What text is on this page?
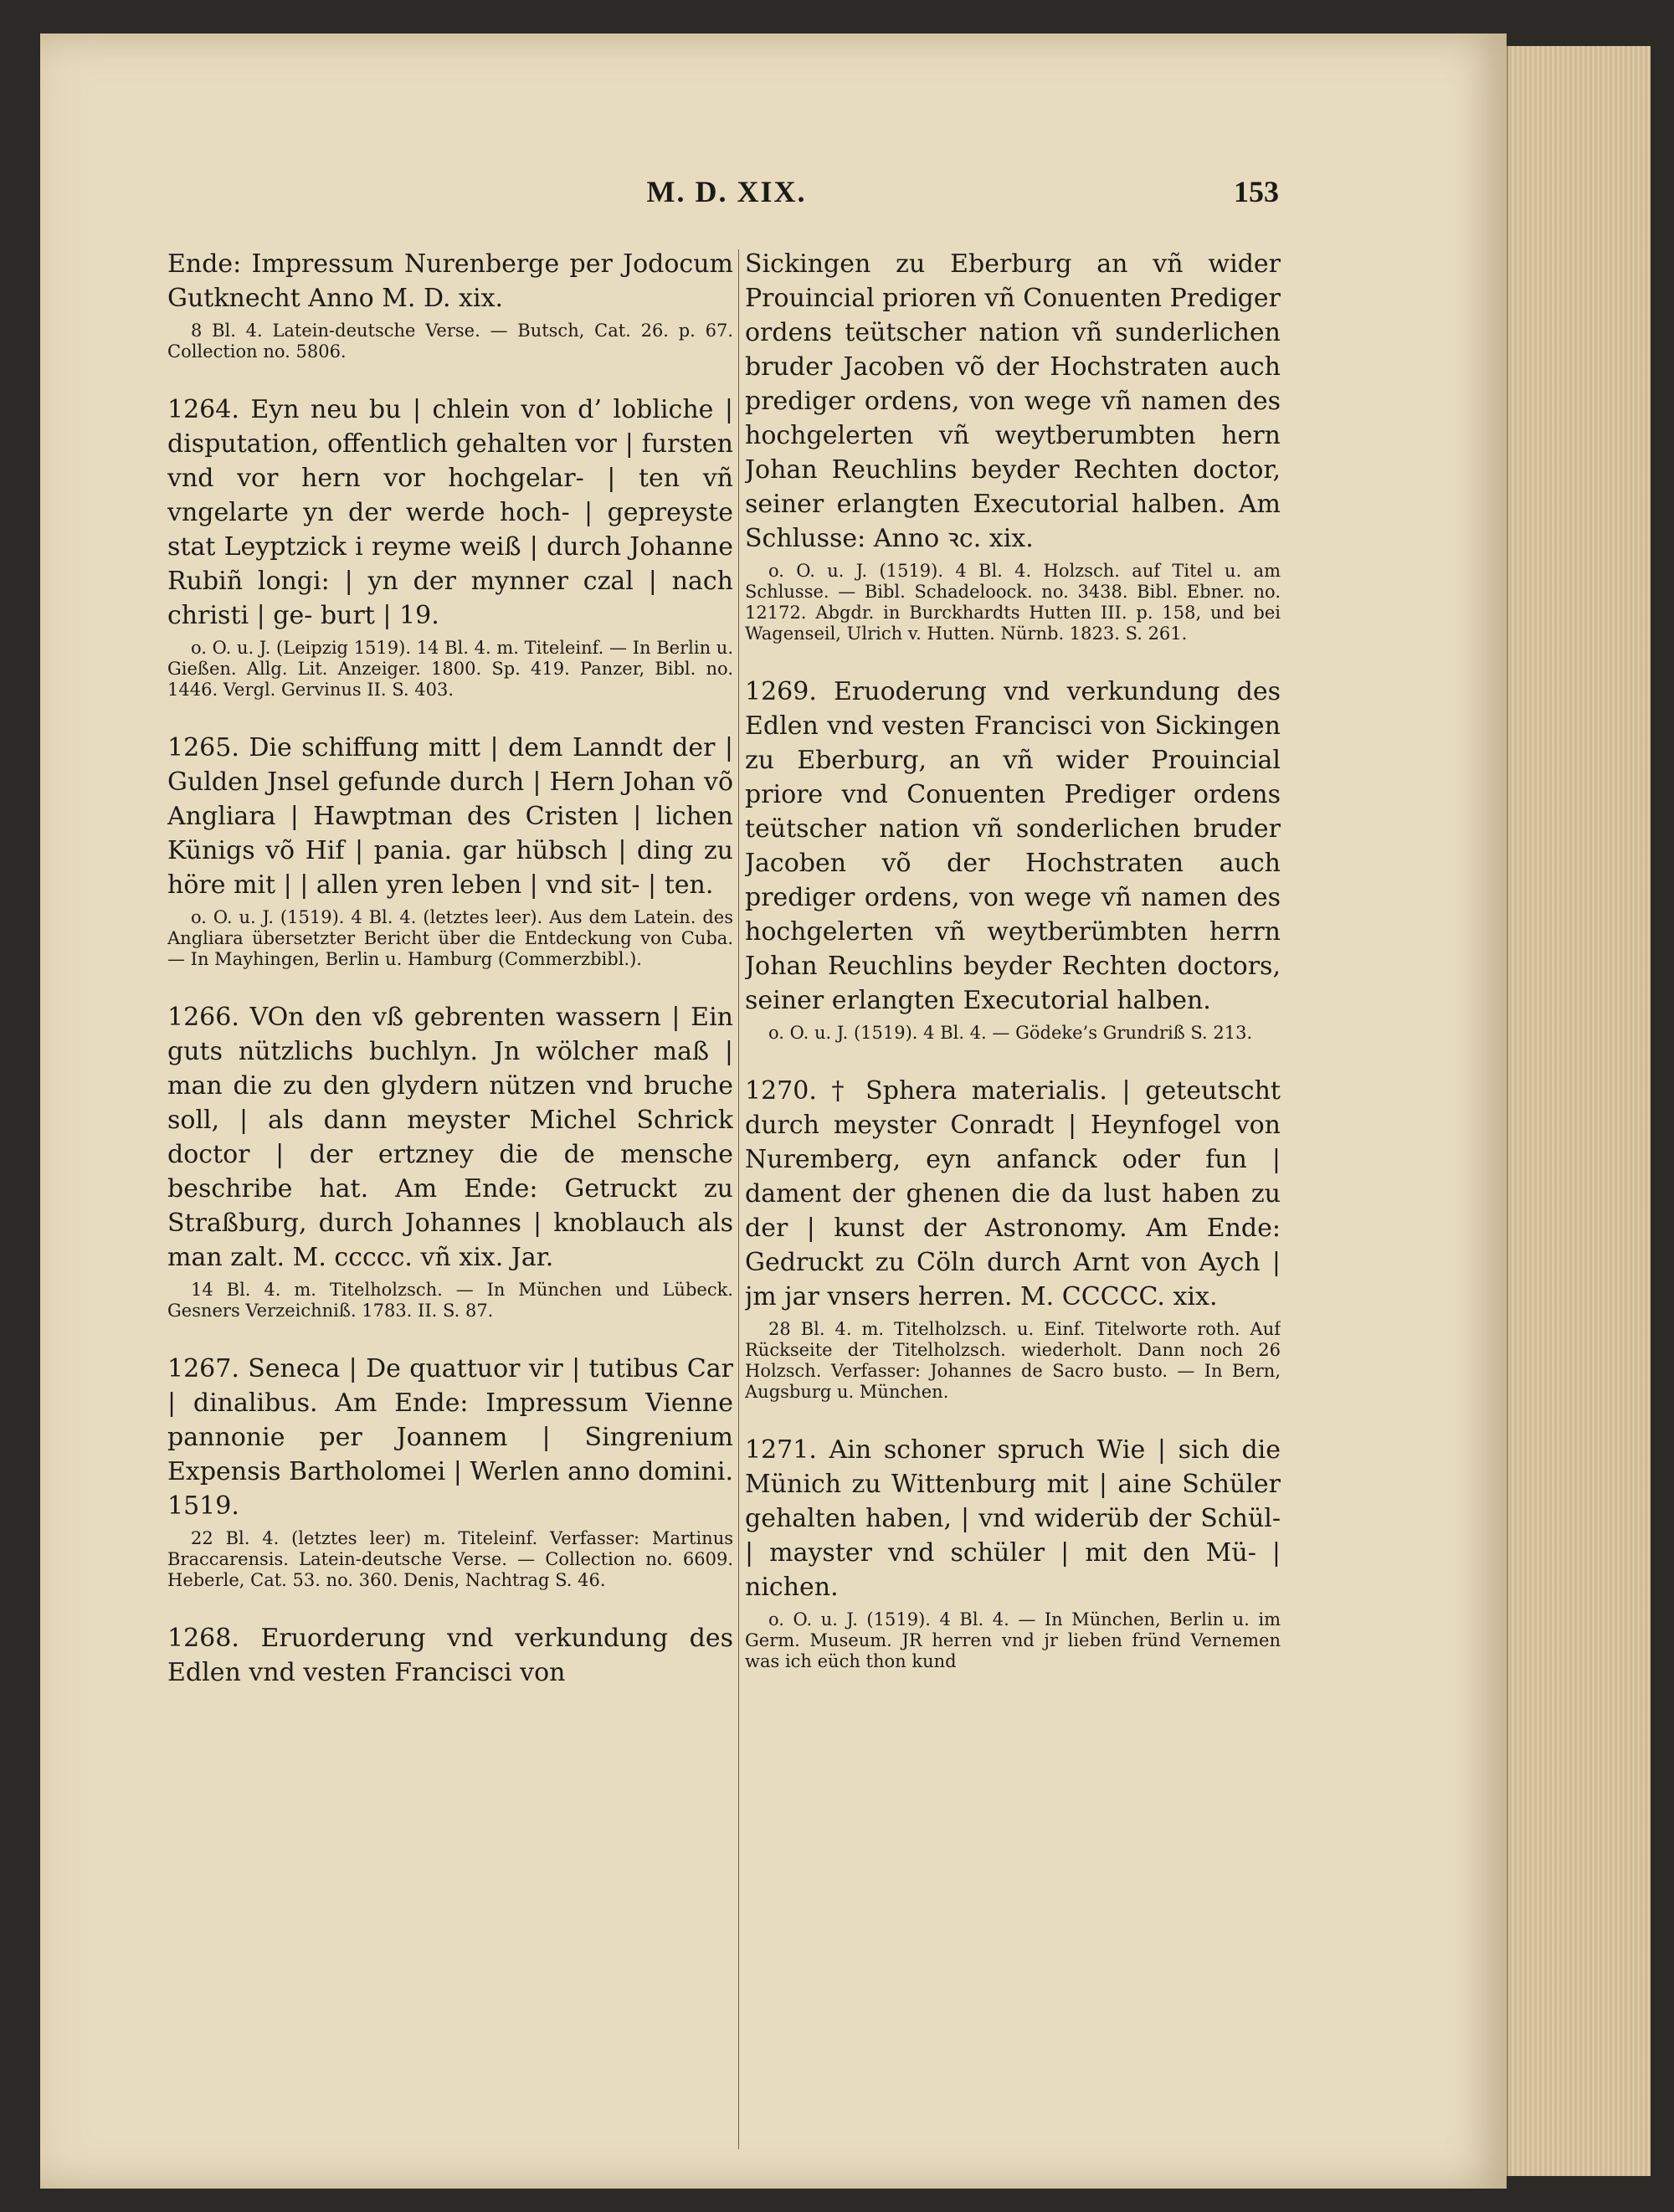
M. D. XIX.	153

Ende: Impressum Nurenberge per Jodocum Gutknecht Anno M. D. xix.

8 Bl. 4. Latein-deutsche Verse. — Butsch, Cat. 26. p. 67. Collection no. 5806.

1264. Eyn neu bu | chlein von d’ lobliche | disputation, offentlich gehalten vor | fursten vnd vor hern vor hochgelar- | ten vñ vngelarte yn der werde hoch- | gepreyste stat Leyptzick i reyme weiß | durch Johanne Rubiñ longi: | yn der mynner czal | nach christi | ge- burt | 19.

o. O. u. J. (Leipzig 1519). 14 Bl. 4. m. Titeleinf. — In Berlin u. Gießen. Allg. Lit. Anzeiger. 1800. Sp. 419. Panzer, Bibl. no. 1446. Vergl. Gervinus II. S. 403.

1265. Die schiffung mitt | dem Lanndt der | Gulden Jnsel gefunde durch | Hern Johan võ Angliara | Hawptman des Cristen | lichen Künigs võ Hif | pania. gar hübsch | ding zu höre mit | | allen yren leben | vnd sit- | ten.

o. O. u. J. (1519). 4 Bl. 4. (letztes leer). Aus dem Latein. des Angliara übersetzter Bericht über die Entdeckung von Cuba. — In Mayhingen, Berlin u. Hamburg (Commerzbibl.).

1266. VOn den vß gebrenten wassern | Ein guts nützlichs buchlyn. Jn wölcher maß | man die zu den glydern nützen vnd bruche soll, | als dann meyster Michel Schrick doctor | der ertzney die de mensche beschribe hat. Am Ende: Getruckt zu Straßburg, durch Johannes | knoblauch als man zalt. M. ccccc. vñ xix. Jar.

14 Bl. 4. m. Titelholzsch. — In München und Lübeck. Gesners Verzeichniß. 1783. II. S. 87.

1267. Seneca | De quattuor vir | tutibus Car | dinalibus. Am Ende: Impressum Vienne pannonie per Joannem | Singrenium Expensis Bartholomei | Werlen anno domini. 1519.

22 Bl. 4. (letztes leer) m. Titeleinf. Verfasser: Martinus Braccarensis. Latein-deutsche Verse. — Collection no. 6609. Heberle, Cat. 53. no. 360. Denis, Nachtrag S. 46.

1268. Eruorderung vnd verkundung des Edlen vnd vesten Francisci von

Sickingen zu Eberburg an vñ wider Prouincial prioren vñ Conuenten Prediger ordens teütscher nation vñ sunderlichen bruder Jacoben võ der Hochstraten auch prediger ordens, von wege vñ namen des hochgelerten vñ weytberumbten hern Johan Reuchlins beyder Rechten doctor, seiner erlangten Executorial halben. Am Schlusse: Anno ꝛc. xix.

o. O. u. J. (1519). 4 Bl. 4. Holzsch. auf Titel u. am Schlusse. — Bibl. Schadeloock. no. 3438. Bibl. Ebner. no. 12172. Abgdr. in Burckhardts Hutten III. p. 158, und bei Wagenseil, Ulrich v. Hutten. Nürnb. 1823. S. 261.

1269. Eruoderung vnd verkundung des Edlen vnd vesten Francisci von Sickingen zu Eberburg, an vñ wider Prouincial priore vnd Conuenten Prediger ordens teütscher nation vñ sonderlichen bruder Jacoben võ der Hochstraten auch prediger ordens, von wege vñ namen des hochgelerten vñ weytberümbten herrn Johan Reuchlins beyder Rechten doctors, seiner erlangten Executorial halben.

o. O. u. J. (1519). 4 Bl. 4. — Gödeke’s Grundriß S. 213.

1270. † Sphera materialis. | geteutscht durch meyster Conradt | Heynfogel von Nuremberg, eyn anfanck oder fun | dament der ghenen die da lust haben zu der | kunst der Astronomy. Am Ende: Gedruckt zu Cöln durch Arnt von Aych | jm jar vnsers herren. M. CCCCC. xix.

28 Bl. 4. m. Titelholzsch. u. Einf. Titelworte roth. Auf Rückseite der Titelholzsch. wiederholt. Dann noch 26 Holzsch. Verfasser: Johannes de Sacro busto. — In Bern, Augsburg u. München.

1271. Ain schoner spruch Wie | sich die Münich zu Wittenburg mit | aine Schüler gehalten haben, | vnd widerüb der Schül- | mayster vnd schüler | mit den Mü- | nichen.

o. O. u. J. (1519). 4 Bl. 4. — In München, Berlin u. im Germ. Museum. JR herren vnd jr lieben fründ Vernemen was ich eüch thon kund
